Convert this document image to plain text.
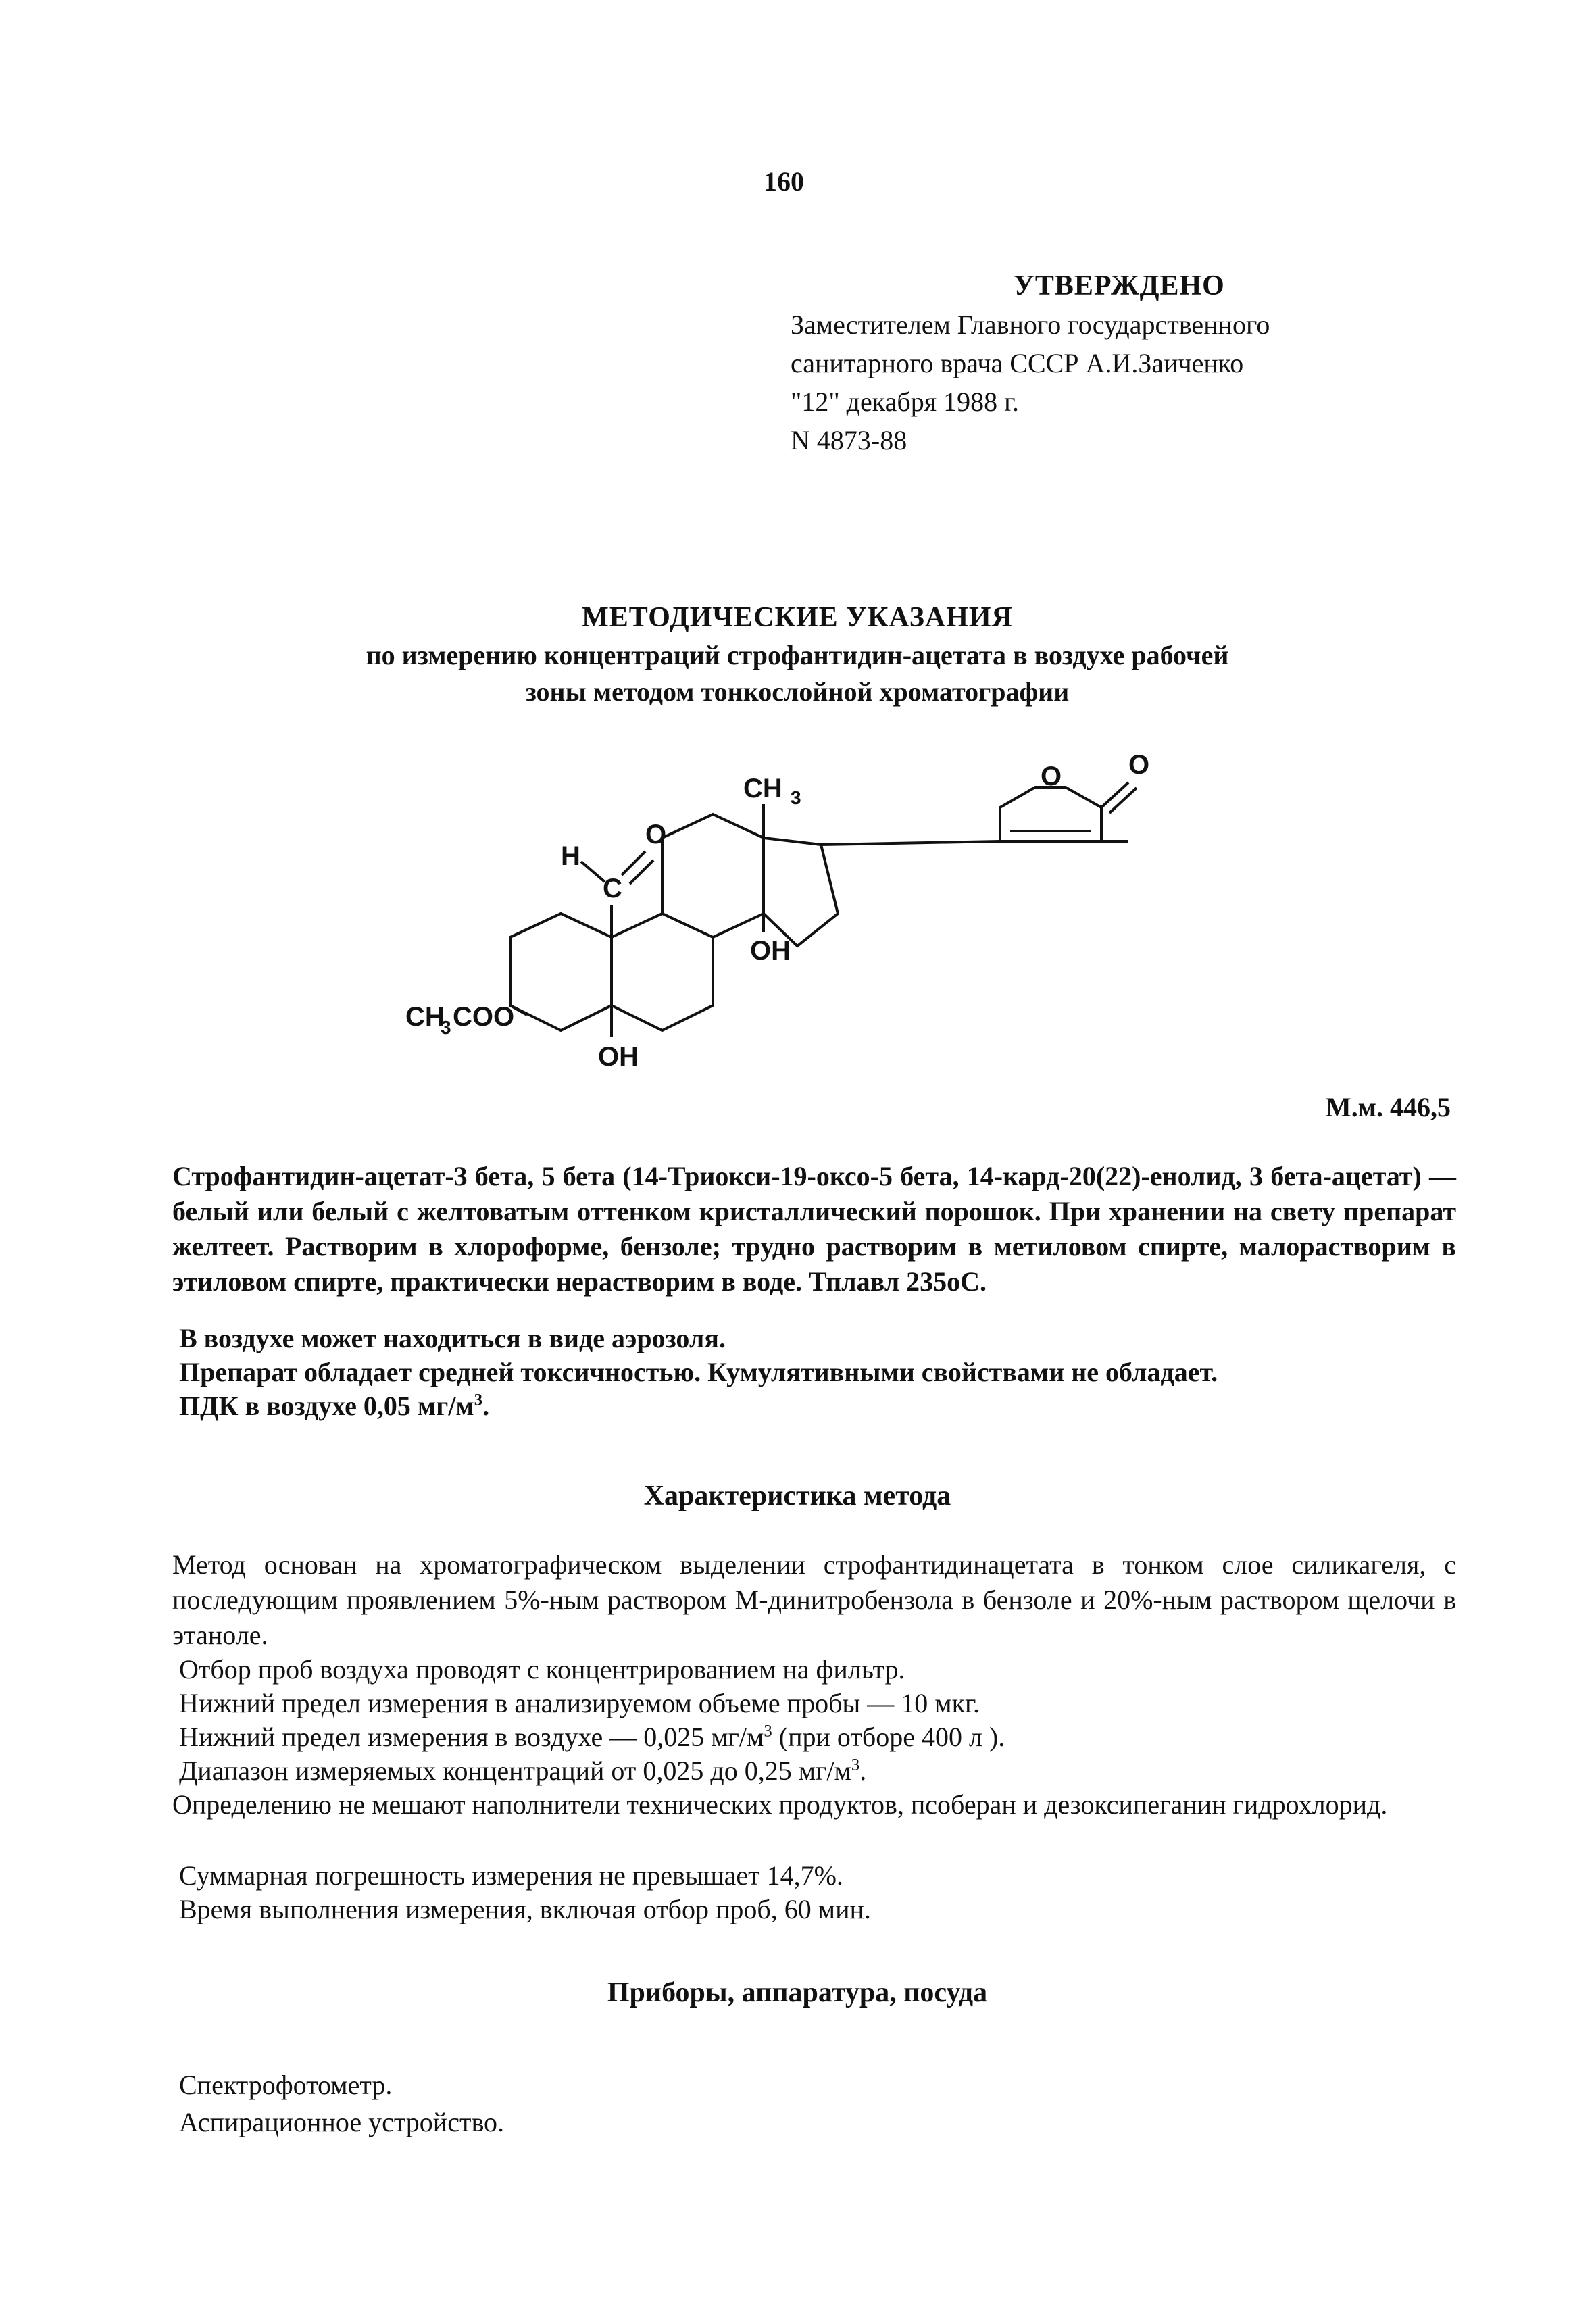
160
УТВЕРЖДЕНО
Заместителем Главного государственного
санитарного врача СССР А.И.Заиченко
"12" декабря 1988 г.
N 4873-88
МЕТОДИЧЕСКИЕ УКАЗАНИЯ
по измерению концентраций строфантидин-ацетата в воздухе рабочей
зоны методом тонкослойной хроматографии
H
C
O
CH 3
OH
OH
CH
3 COO
O O
М.м. 446,5
Строфантидин-ацетат-3 бета, 5 бета (14-Триокси-19-оксо-5 бета, 14-кард-20(22)-енолид, 3 бета-ацетат) — белый или белый с желтоватым оттенком кристаллический порошок. При хранении на свету препарат желтеет. Растворим в хлороформе, бензоле; трудно растворим в метиловом спирте, малорастворим в этиловом спирте, практически нерастворим в воде. Тплавл 235оС.
В воздухе может находиться в виде аэрозоля.
Препарат обладает средней токсичностью. Кумулятивными свойствами не обладает.
ПДК в воздухе 0,05 $мг/м^3$.
Характеристика метода
Метод основан на хроматографическом выделении строфантидинацетата в тонком слое силикагеля, с последующим проявлением 5%-ным раствором М-динитробензола в бензоле и 20%-ным раствором щелочи в этаноле.
Отбор проб воздуха проводят с концентрированием на фильтр.
Нижний предел измерения в анализируемом объеме пробы — 10 мкг.
Нижний предел измерения в воздухе — 0,025 $мг/м^3$ (при отборе 400 л ).
Диапазон измеряемых концентраций от 0,025 до 0,25 $мг/м^3$.
Определению не мешают наполнители технических продуктов, псоберан и дезоксипеганин гидрохлорид.
Суммарная погрешность измерения не превышает 14,7%.
Время выполнения измерения, включая отбор проб, 60 мин.
Приборы, аппаратура, посуда
Спектрофотометр.
Аспирационное устройство.
